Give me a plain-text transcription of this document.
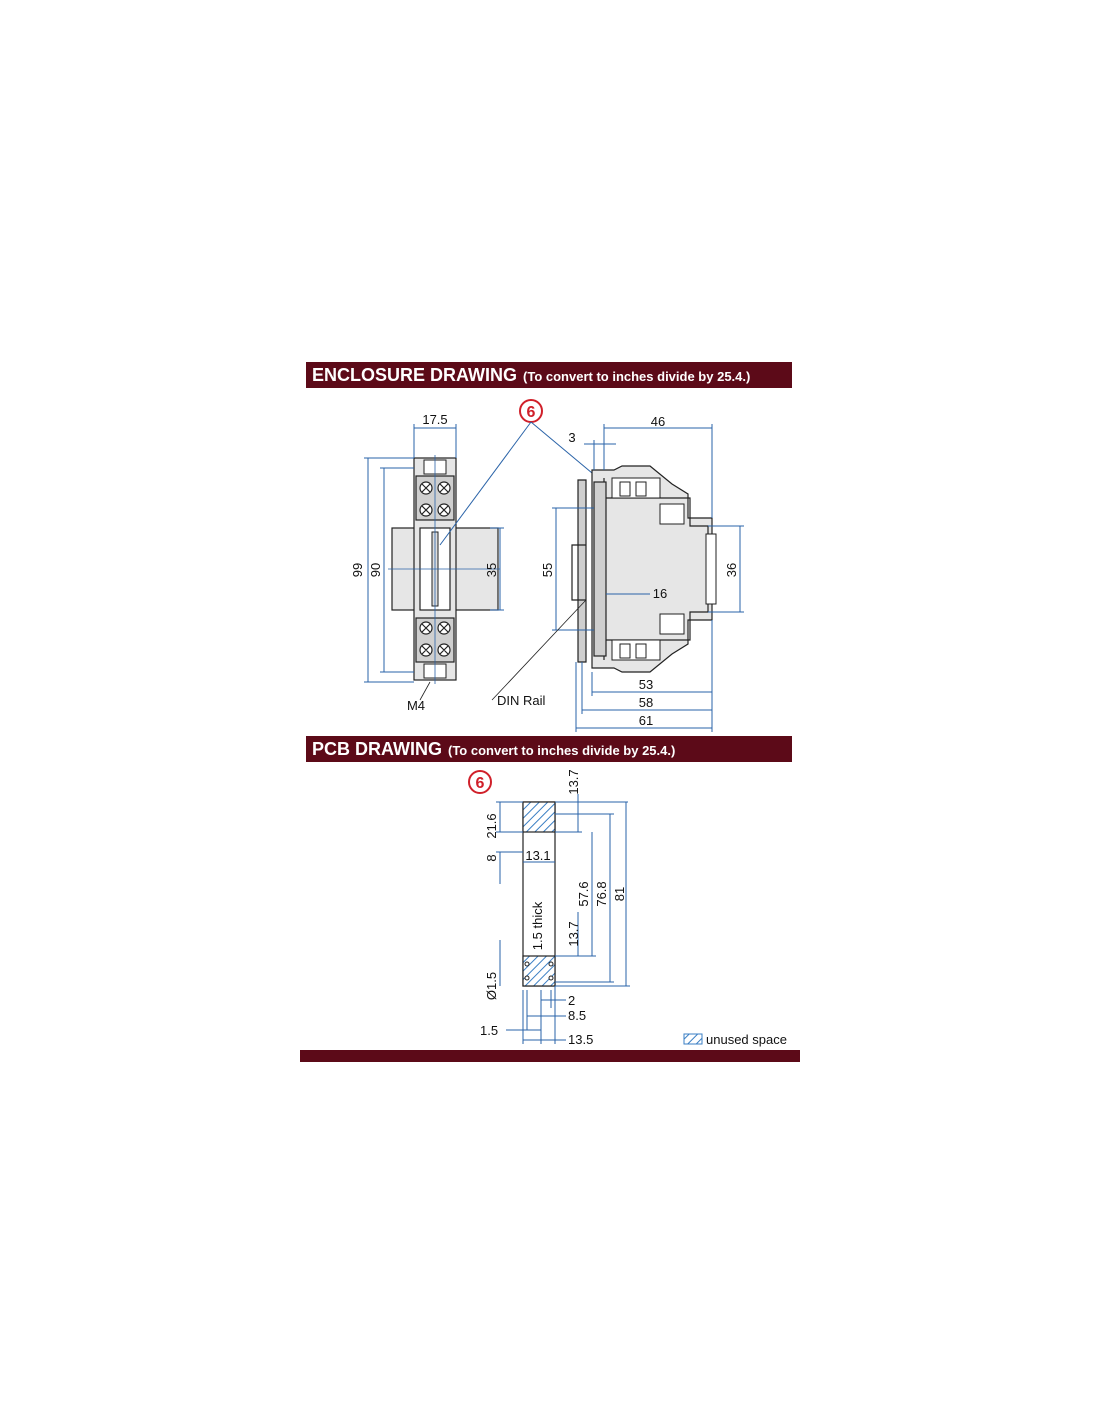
ENCLOSURE DRAWING (To convert to inches divide by 25.4.)
PCB DRAWING (To convert to inches divide by 25.4.)
17.5
99 90	35
M4
6
46
3
55	36
16
53
58
61
DIN Rail
6	13.7
21.6
8 13.1
57.6 76.8 81
1.5 thick 13.7
Ø1.5
2
8.5
1.5
13.5	unused space
